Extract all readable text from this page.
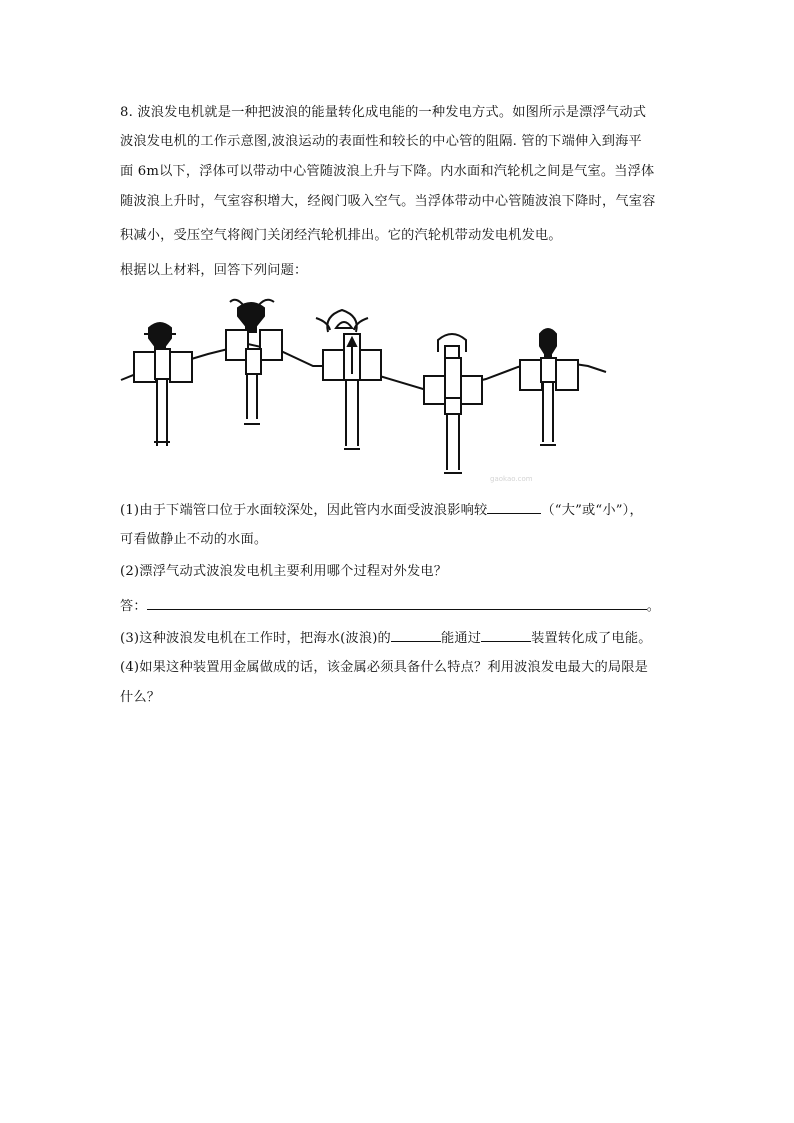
8. 波浪发电机就是一种把波浪的能量转化成电能的一种发电方式。如图所示是漂浮气动式
波浪发电机的工作示意图,波浪运动的表面性和较长的中心管的阻隔. 管的下端伸入到海平
面 6m以下，浮体可以带动中心管随波浪上升与下降。内水面和汽轮机之间是气室。当浮体
随波浪上升时，气室容积增大，经阀门吸入空气。当浮体带动中心管随波浪下降时，气室容
积减小，受压空气将阀门关闭经汽轮机排出。它的汽轮机带动发电机发电。
根据以上材料，回答下列问题：
gaokao.com
(1)由于下端管口位于水面较深处，因此管内水面受波浪影响较	（“大”或“小”），
可看做静止不动的水面。
(2)漂浮气动式波浪发电机主要利用哪个过程对外发电？
答：	。
(3)这种波浪发电机在工作时，把海水(波浪)的	能通过	装置转化成了电能。
(4)如果这种装置用金属做成的话，该金属必须具备什么特点？利用波浪发电最大的局限是
什么？
